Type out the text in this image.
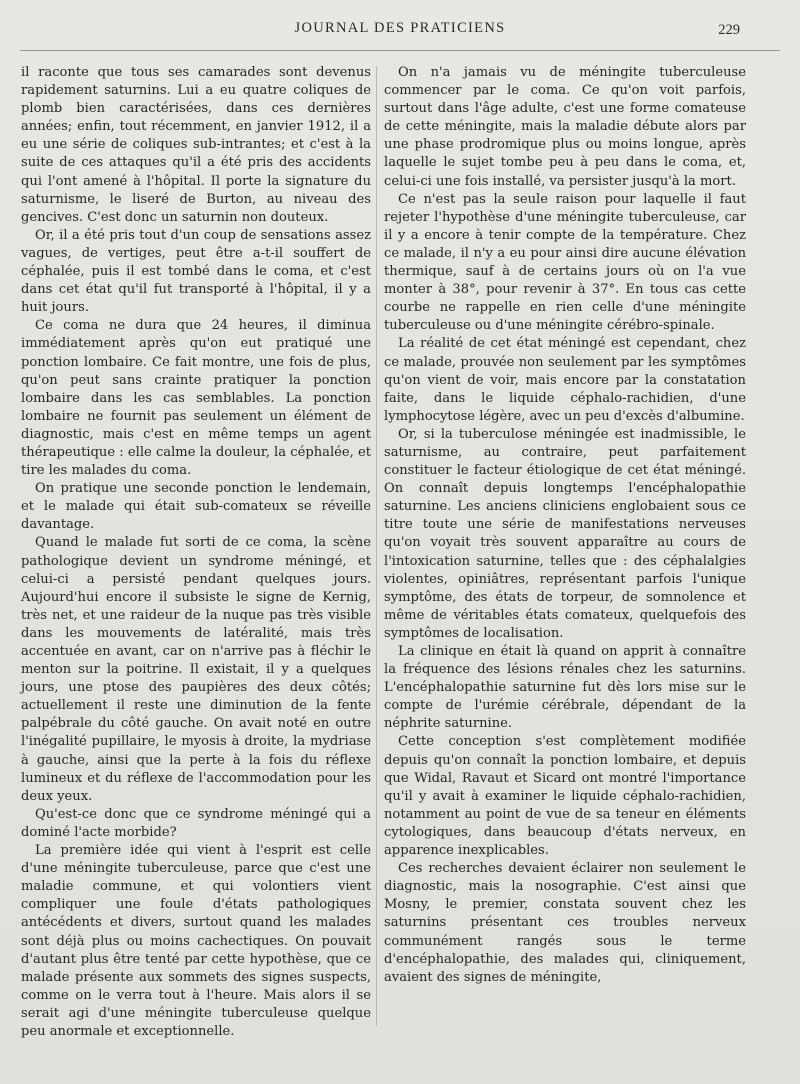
JOURNAL DES PRATICIENS	229

il raconte que tous ses camarades sont devenus rapidement saturnins. Lui a eu quatre coliques de plomb bien caractérisées, dans ces dernières années; enfin, tout récemment, en janvier 1912, il a eu une série de coliques sub-intrantes; et c'est à la suite de ces attaques qu'il a été pris des accidents qui l'ont amené à l'hôpital. Il porte la signature du saturnisme, le liseré de Burton, au niveau des gencives. C'est donc un saturnin non douteux.

Or, il a été pris tout d'un coup de sensations assez vagues, de vertiges, peut être a-t-il souffert de céphalée, puis il est tombé dans le coma, et c'est dans cet état qu'il fut transporté à l'hôpital, il y a huit jours.

Ce coma ne dura que 24 heures, il diminua immédiatement après qu'on eut pratiqué une ponction lombaire. Ce fait montre, une fois de plus, qu'on peut sans crainte pratiquer la ponction lombaire dans les cas semblables. La ponction lombaire ne fournit pas seulement un élément de diagnostic, mais c'est en même temps un agent thérapeutique : elle calme la douleur, la céphalée, et tire les malades du coma.

On pratique une seconde ponction le lendemain, et le malade qui était sub-comateux se réveille davantage.

Quand le malade fut sorti de ce coma, la scène pathologique devient un syndrome méningé, et celui-ci a persisté pendant quelques jours. Aujourd'hui encore il subsiste le signe de Kernig, très net, et une raideur de la nuque pas très visible dans les mouvements de latéralité, mais très accentuée en avant, car on n'arrive pas à fléchir le menton sur la poitrine. Il existait, il y a quelques jours, une ptose des paupières des deux côtés; actuellement il reste une diminution de la fente palpébrale du côté gauche. On avait noté en outre l'inégalité pupillaire, le myosis à droite, la mydriase à gauche, ainsi que la perte à la fois du réflexe lumineux et du réflexe de l'accommodation pour les deux yeux.

Qu'est-ce donc que ce syndrome méningé qui a dominé l'acte morbide?

La première idée qui vient à l'esprit est celle d'une méningite tuberculeuse, parce que c'est une maladie commune, et qui volontiers vient compliquer une foule d'états pathologiques antécédents et divers, surtout quand les malades sont déjà plus ou moins cachectiques. On pouvait d'autant plus être tenté par cette hypothèse, que ce malade présente aux sommets des signes suspects, comme on le verra tout à l'heure. Mais alors il se serait agi d'une méningite tuberculeuse quelque peu anormale et exceptionnelle.

On n'a jamais vu de méningite tuberculeuse commencer par le coma. Ce qu'on voit parfois, surtout dans l'âge adulte, c'est une forme comateuse de cette méningite, mais la maladie débute alors par une phase prodromique plus ou moins longue, après laquelle le sujet tombe peu à peu dans le coma, et, celui-ci une fois installé, va persister jusqu'à la mort.

Ce n'est pas la seule raison pour laquelle il faut rejeter l'hypothèse d'une méningite tuberculeuse, car il y a encore à tenir compte de la température. Chez ce malade, il n'y a eu pour ainsi dire aucune élévation thermique, sauf à de certains jours où on l'a vue monter à 38°, pour revenir à 37°. En tous cas cette courbe ne rappelle en rien celle d'une méningite tuberculeuse ou d'une méningite cérébro-spinale.

La réalité de cet état méningé est cependant, chez ce malade, prouvée non seulement par les symptômes qu'on vient de voir, mais encore par la constatation faite, dans le liquide céphalo-rachidien, d'une lymphocytose légère, avec un peu d'excès d'albumine.

Or, si la tuberculose méningée est inadmissible, le saturnisme, au contraire, peut parfaitement constituer le facteur étiologique de cet état méningé. On connaît depuis longtemps l'encéphalopathie saturnine. Les anciens cliniciens englobaient sous ce titre toute une série de manifestations nerveuses qu'on voyait très souvent apparaître au cours de l'intoxication saturnine, telles que : des céphalalgies violentes, opiniâtres, représentant parfois l'unique symptôme, des états de torpeur, de somnolence et même de véritables états comateux, quelquefois des symptômes de localisation.

La clinique en était là quand on apprit à connaître la fréquence des lésions rénales chez les saturnins. L'encéphalopathie saturnine fut dès lors mise sur le compte de l'urémie cérébrale, dépendant de la néphrite saturnine.

Cette conception s'est complètement modifiée depuis qu'on connaît la ponction lombaire, et depuis que Widal, Ravaut et Sicard ont montré l'importance qu'il y avait à examiner le liquide céphalo-rachidien, notamment au point de vue de sa teneur en éléments cytologiques, dans beaucoup d'états nerveux, en apparence inexplicables.

Ces recherches devaient éclairer non seulement le diagnostic, mais la nosographie. C'est ainsi que Mosny, le premier, constata souvent chez les saturnins présentant ces troubles nerveux communément rangés sous le terme d'encéphalopathie, des malades qui, cliniquement, avaient des signes de méningite,
